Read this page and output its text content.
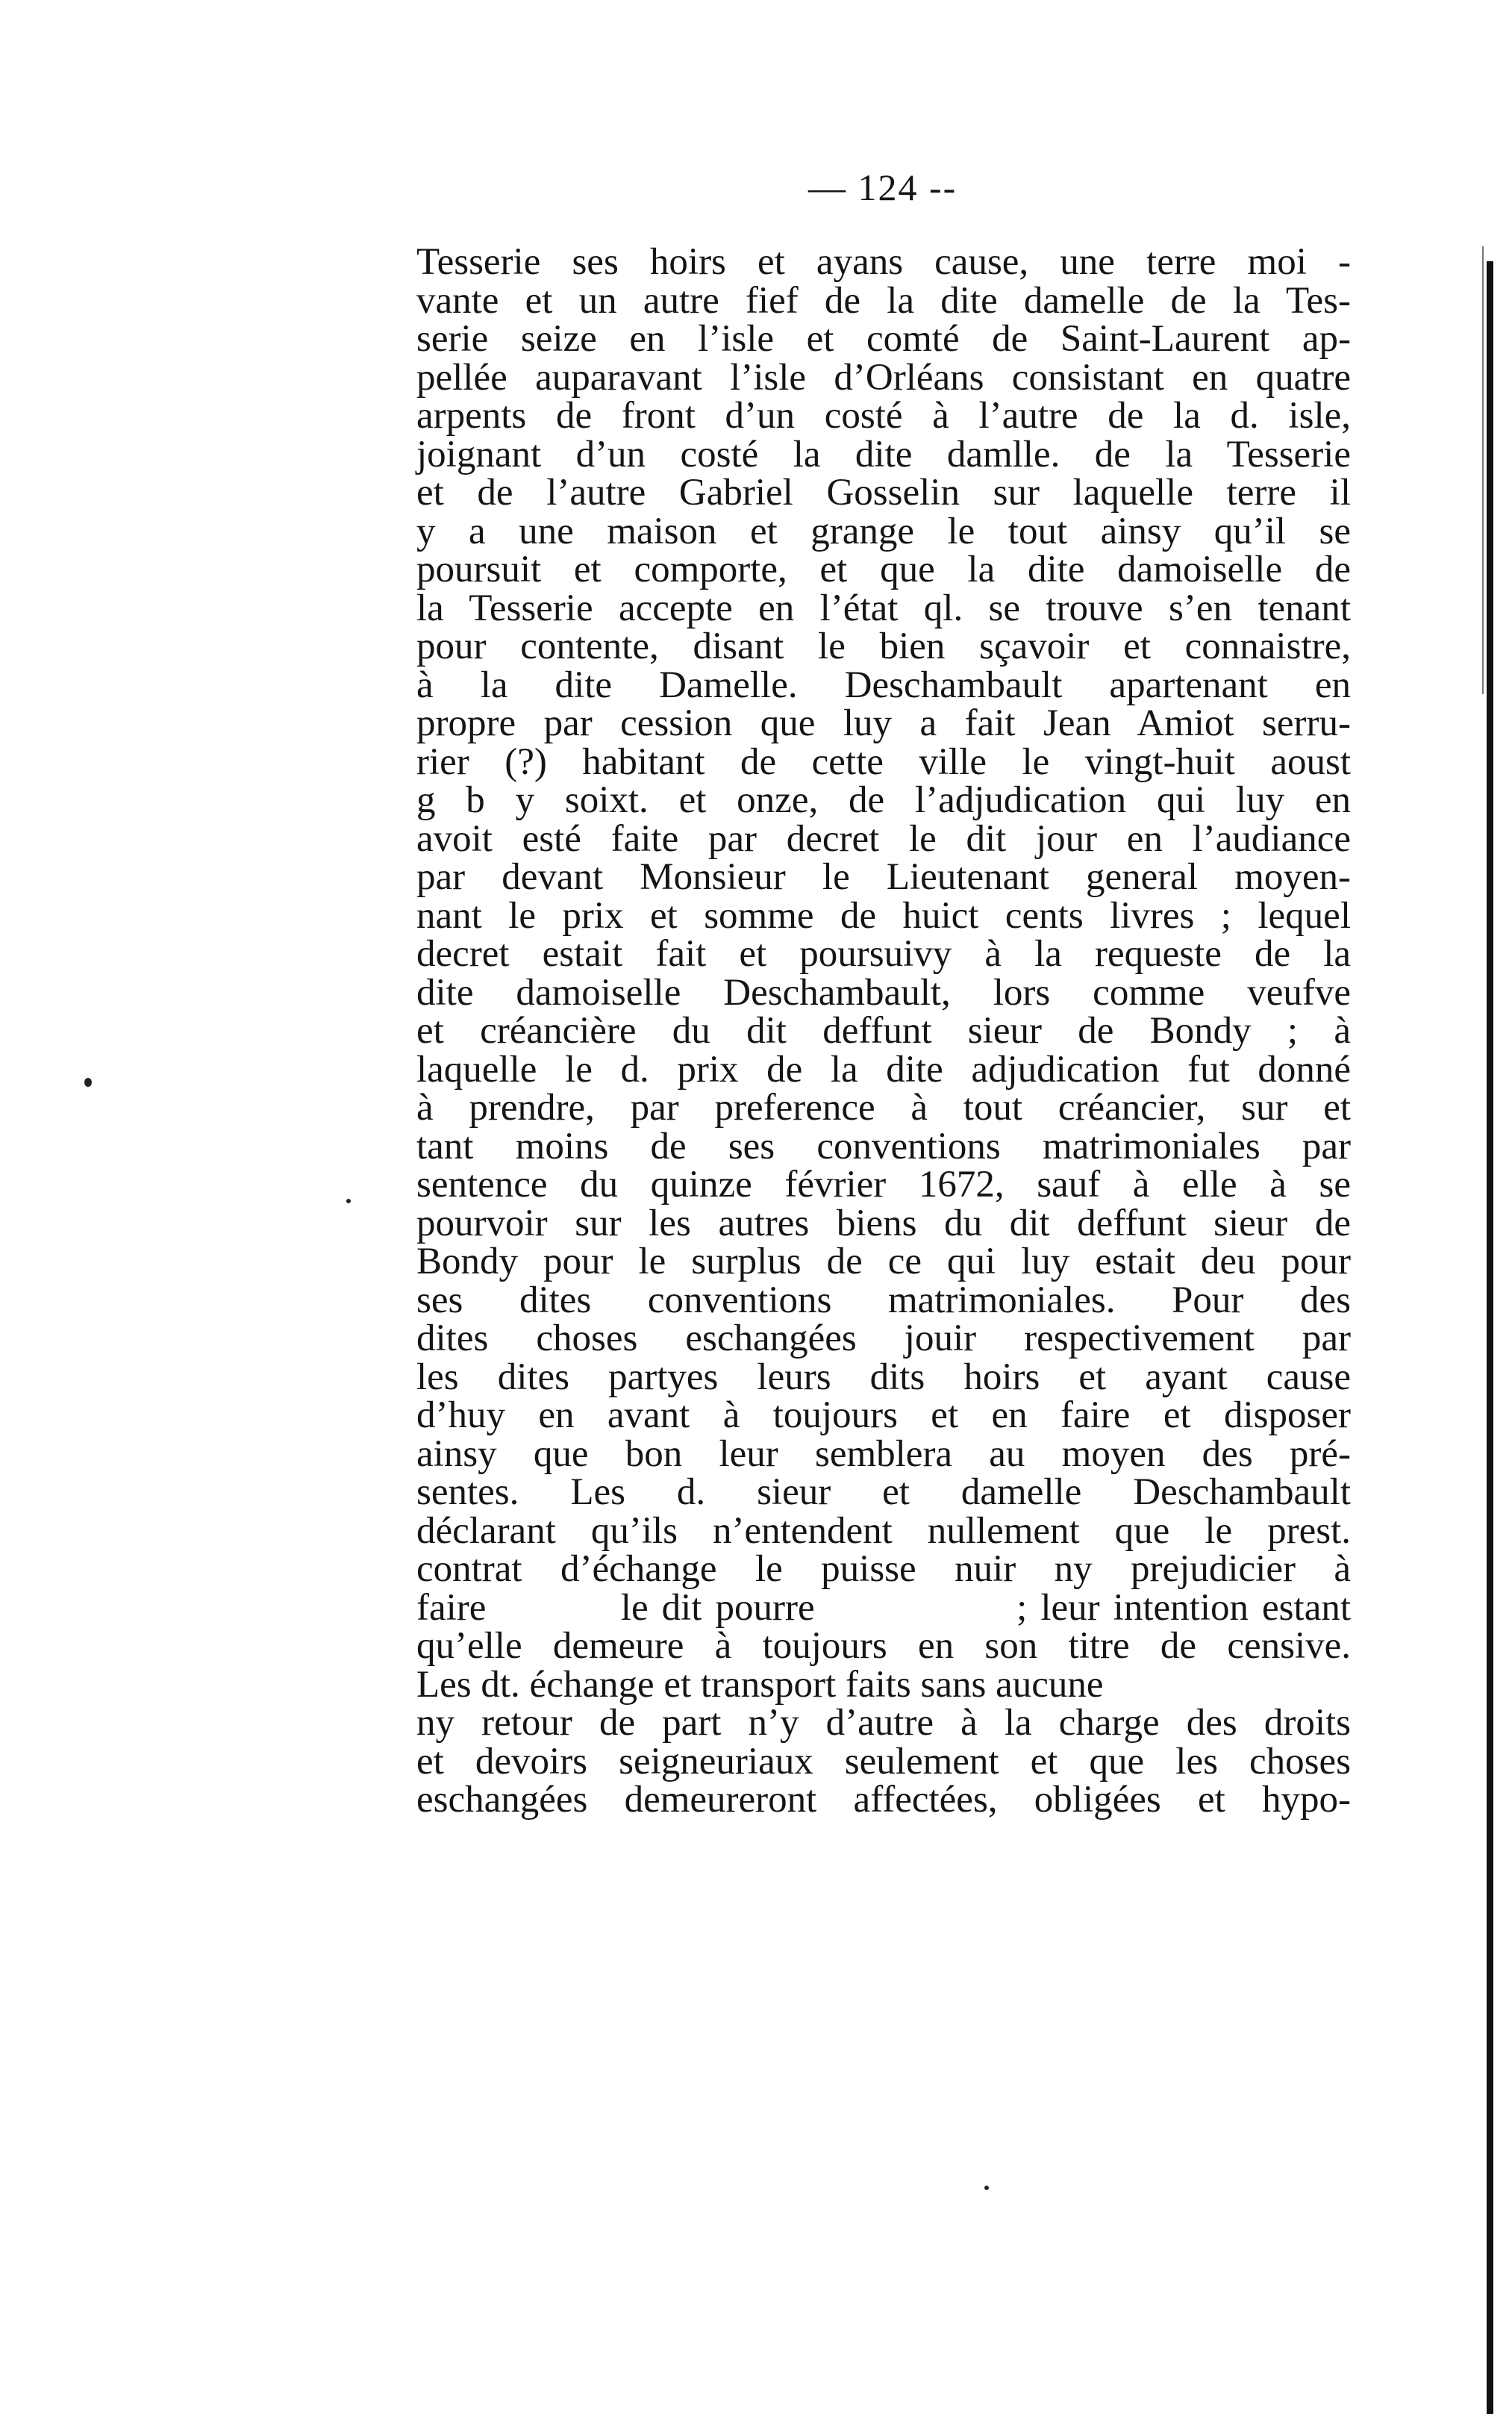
— 124 --
Tesserie ses hoirs et ayans cause, une terre moi -
vante et un autre fief de la dite damelle de la Tes-
serie seize en l’isle et comté de Saint-Laurent ap-
pellée auparavant l’isle d’Orléans consistant en quatre
arpents de front d’un costé à l’autre de la d. isle,
joignant d’un costé la dite damlle. de la Tesserie
et de l’autre Gabriel Gosselin sur laquelle terre il
y a une maison et grange le tout ainsy qu’il se
poursuit et comporte, et que la dite damoiselle de
la Tesserie accepte en l’état ql. se trouve s’en tenant
pour contente, disant le bien sçavoir et connaistre,
à la dite Damelle. Deschambault apartenant en
propre par cession que luy a fait Jean Amiot serru-
rier (?) habitant de cette ville le vingt-huit aoust
g b y soixt. et onze, de l’adjudication qui luy en
avoit esté faite par decret le dit jour en l’audiance
par devant Monsieur le Lieutenant general moyen-
nant le prix et somme de huict cents livres ; lequel
decret estait fait et poursuivy à la requeste de la
dite damoiselle Deschambault, lors comme veufve
et créancière du dit deffunt sieur de Bondy ; à
laquelle le d. prix de la dite adjudication fut donné
à prendre, par preference à tout créancier, sur et
tant moins de ses conventions matrimoniales par
sentence du quinze février 1672, sauf à elle à se
pourvoir sur les autres biens du dit deffunt sieur de
Bondy pour le surplus de ce qui luy estait deu pour
ses dites conventions matrimoniales. Pour des
dites choses eschangées jouir respectivement par
les dites partyes leurs dits hoirs et ayant cause
d’huy en avant à toujours et en faire et disposer
ainsy que bon leur semblera au moyen des pré-
sentes. Les d. sieur et damelle Deschambault
déclarant qu’ils n’entendent nullement que le prest.
contrat d’échange le puisse nuir ny prejudicier à
faire          le dit pourre               ; leur intention estant
qu’elle demeure à toujours en son titre de censive.
Les dt. échange et transport faits sans aucune
ny retour de part n’y d’autre à la charge des droits
et devoirs seigneuriaux seulement et que les choses
eschangées demeureront affectées, obligées et hypo-
